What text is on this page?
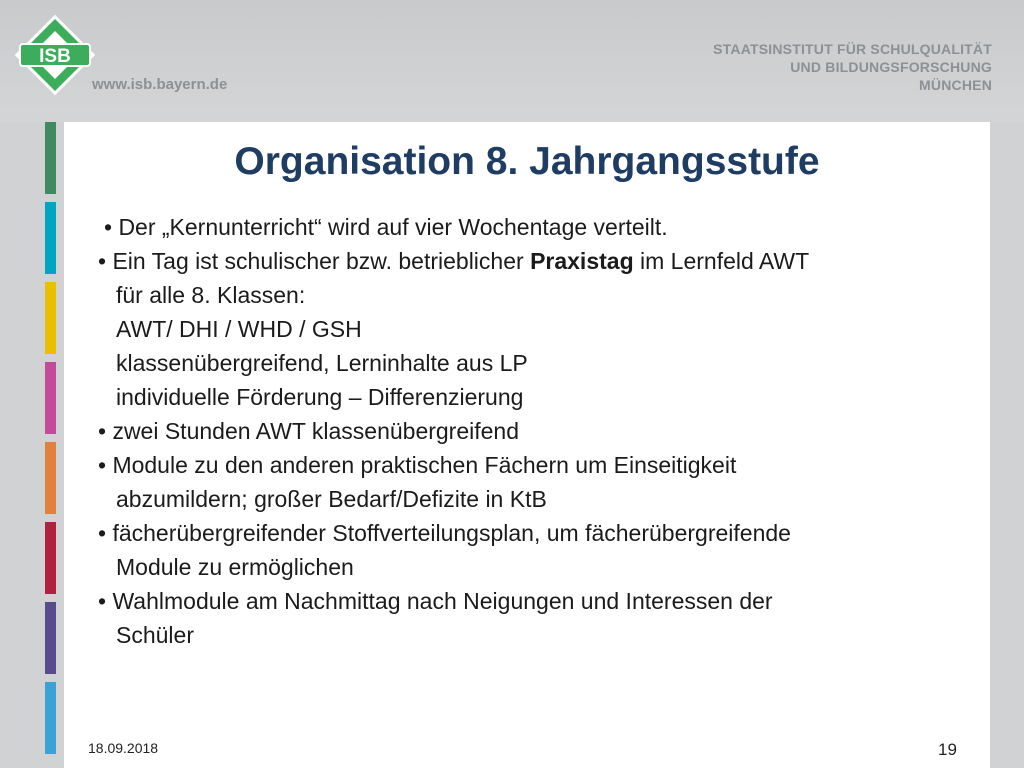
ISB
www.isb.bayern.de
STAATSINSTITUT FÜR SCHULQUALITÄT
UND BILDUNGSFORSCHUNG
MÜNCHEN
Organisation 8. Jahrgangsstufe
• Der „Kernunterricht“ wird auf vier Wochentage verteilt.
• Ein Tag ist schulischer bzw. betrieblicher Praxistag im Lernfeld AWT
für alle 8. Klassen:
AWT/ DHI / WHD / GSH
klassenübergreifend, Lerninhalte aus LP
individuelle Förderung – Differenzierung
• zwei Stunden AWT klassenübergreifend
• Module zu den anderen praktischen Fächern um Einseitigkeit
abzumildern; großer Bedarf/Defizite in KtB
• fächerübergreifender Stoffverteilungsplan, um fächerübergreifende
Module zu ermöglichen
• Wahlmodule am Nachmittag nach Neigungen und Interessen der
Schüler
18.09.2018	19
